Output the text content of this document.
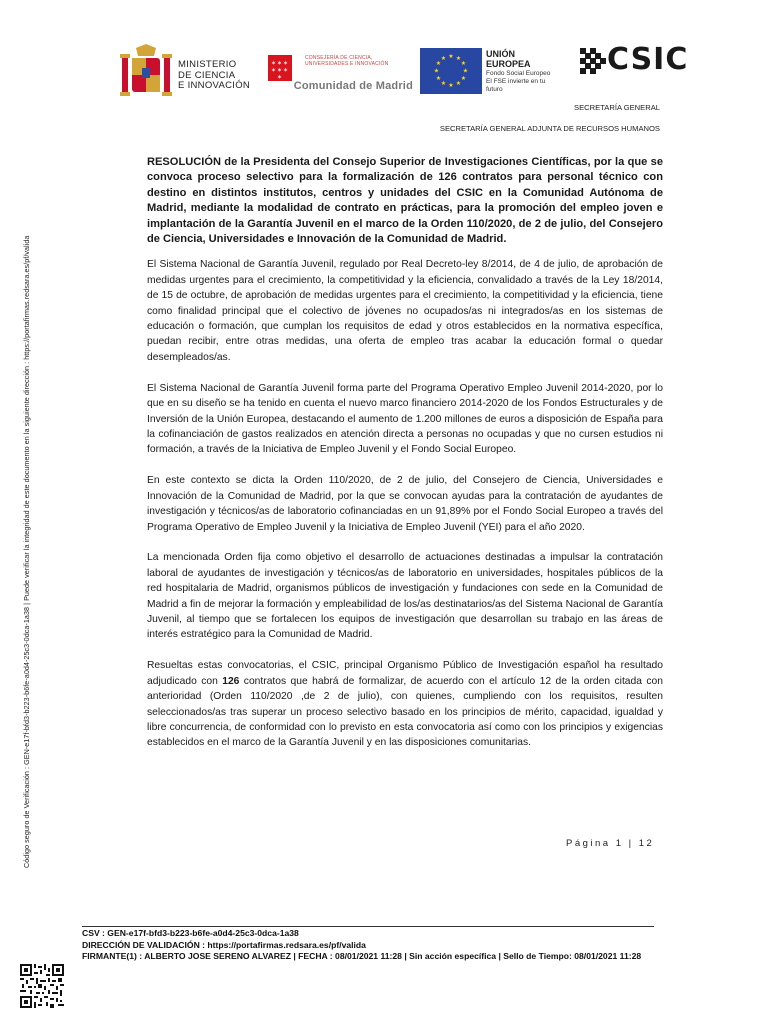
Código seguro de Verificación : GEN-e17f-bfd3-b223-b6fe-a0d4-25c3-0dca-1a38 | Puede verificar la integridad de este documento en la siguiente dirección : https://portafirmas.redsara.es/pf/valida
MINISTERIO
DE CIENCIA
E INNOVACIÓN
✶✶✶
✶✶✶
✶
CONSEJERÍA DE CIENCIA,
UNIVERSIDADES E INNOVACIÓN
Comunidad de Madrid
★ ★
★
★
★
★
★
★
★
★
★
★	UNIÓN EUROPEA
Fondo Social Europeo
El FSE invierte en tu futuro
CSIC
SECRETARÍA GENERAL
SECRETARÍA GENERAL ADJUNTA DE RECURSOS HUMANOS
RESOLUCIÓN de la Presidenta del Consejo Superior de Investigaciones Científicas, por la que se convoca proceso selectivo para la formalización de 126 contratos para personal técnico con destino en distintos institutos, centros y unidades del CSIC en la Comunidad Autónoma de Madrid, mediante la modalidad de contrato en prácticas, para la promoción del empleo joven e implantación de la Garantía Juvenil en el marco de la Orden 110/2020, de 2 de julio, del Consejero de Ciencia, Universidades e Innovación de la Comunidad de Madrid.

El Sistema Nacional de Garantía Juvenil, regulado por Real Decreto-ley 8/2014, de 4 de julio, de aprobación de medidas urgentes para el crecimiento, la competitividad y la eficiencia, convalidado a través de la Ley 18/2014, de 15 de octubre, de aprobación de medidas urgentes para el crecimiento, la competitividad y la eficiencia, tiene como finalidad principal que el colectivo de jóvenes no ocupados/as ni integrados/as en los sistemas de educación o formación, que cumplan los requisitos de edad y otros establecidos en la normativa específica, puedan recibir, entre otras medidas, una oferta de empleo tras acabar la educación formal o quedar desempleados/as.

El Sistema Nacional de Garantía Juvenil forma parte del Programa Operativo Empleo Juvenil 2014-2020, por lo que en su diseño se ha tenido en cuenta el nuevo marco financiero 2014-2020 de los Fondos Estructurales y de Inversión de la Unión Europea, destacando el aumento de 1.200 millones de euros a disposición de España para la cofinanciación de gastos realizados en atención directa a personas no ocupadas y que no cursen estudios ni formación, a través de la Iniciativa de Empleo Juvenil y el Fondo Social Europeo.

En este contexto se dicta la Orden 110/2020, de 2 de julio, del Consejero de Ciencia, Universidades e Innovación de la Comunidad de Madrid, por la que se convocan ayudas para la contratación de ayudantes de investigación y técnicos/as de laboratorio cofinanciadas en un 91,89% por el Fondo Social Europeo a través del Programa Operativo de Empleo Juvenil y la Iniciativa de Empleo Juvenil (YEI) para el año 2020.

La mencionada Orden fija como objetivo el desarrollo de actuaciones destinadas a impulsar la contratación laboral de ayudantes de investigación y técnicos/as de laboratorio en universidades, hospitales públicos de la red hospitalaria de Madrid, organismos públicos de investigación y fundaciones con sede en la Comunidad de Madrid a fin de mejorar la formación y empleabilidad de los/as destinatarios/as del Sistema Nacional de Garantía Juvenil, al tiempo que se fortalecen los equipos de investigación que desarrollan su trabajo en las áreas de interés estratégico para la Comunidad de Madrid.

Resueltas estas convocatorias, el CSIC, principal Organismo Público de Investigación español ha resultado adjudicado con 126 contratos que habrá de formalizar, de acuerdo con el artículo 12 de la orden citada con anterioridad (Orden 110/2020 ,de 2 de julio), con quienes, cumpliendo con los requisitos, resulten seleccionados/as tras superar un proceso selectivo basado en los principios de mérito, capacidad, igualdad y libre concurrencia, de conformidad con lo previsto en esta convocatoria así como con los principios y exigencias establecidos en el marco de la Garantía Juvenil y en las disposiciones comunitarias.

Página 1 | 12
CSV : GEN-e17f-bfd3-b223-b6fe-a0d4-25c3-0dca-1a38
DIRECCIÓN DE VALIDACIÓN : https://portafirmas.redsara.es/pf/valida
FIRMANTE(1) : ALBERTO JOSE SERENO ALVAREZ | FECHA : 08/01/2021 11:28 | Sin acción específica | Sello de Tiempo: 08/01/2021 11:28
